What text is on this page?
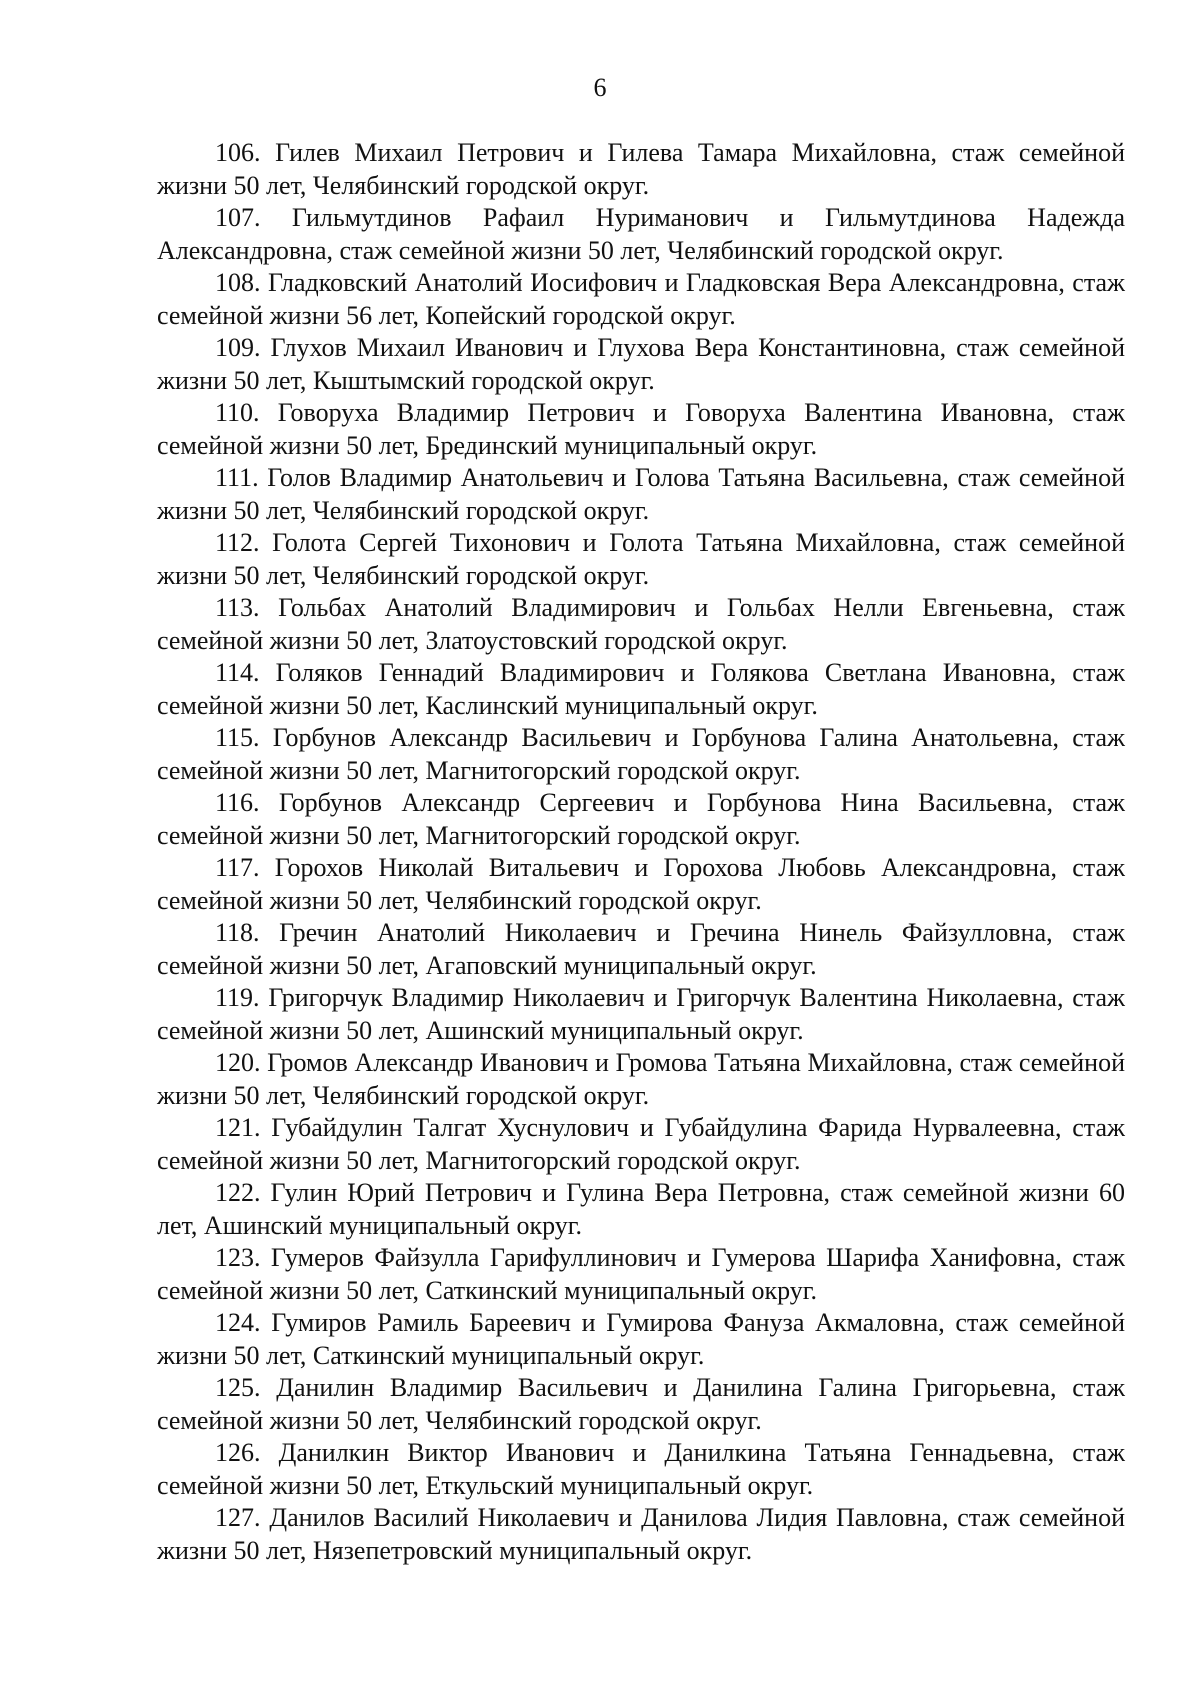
6

106. Гилев Михаил Петрович и Гилева Тамара Михайловна, стаж семейной жизни 50 лет, Челябинский городской округ.

107. Гильмутдинов Рафаил Нуриманович и Гильмутдинова Надежда Александровна, стаж семейной жизни 50 лет, Челябинский городской округ.

108. Гладковский Анатолий Иосифович и Гладковская Вера Александровна, стаж семейной жизни 56 лет, Копейский городской округ.

109. Глухов Михаил Иванович и Глухова Вера Константиновна, стаж семейной жизни 50 лет, Кыштымский городской округ.

110. Говоруха Владимир Петрович и Говоруха Валентина Ивановна, стаж семейной жизни 50 лет, Брединский муниципальный округ.

111. Голов Владимир Анатольевич и Голова Татьяна Васильевна, стаж семейной жизни 50 лет, Челябинский городской округ.

112. Голота Сергей Тихонович и Голота Татьяна Михайловна, стаж семейной жизни 50 лет, Челябинский городской округ.

113. Гольбах Анатолий Владимирович и Гольбах Нелли Евгеньевна, стаж семейной жизни 50 лет, Златоустовский городской округ.

114. Голяков Геннадий Владимирович и Голякова Светлана Ивановна, стаж семейной жизни 50 лет, Каслинский муниципальный округ.

115. Горбунов Александр Васильевич и Горбунова Галина Анатольевна, стаж семейной жизни 50 лет, Магнитогорский городской округ.

116. Горбунов Александр Сергеевич и Горбунова Нина Васильевна, стаж семейной жизни 50 лет, Магнитогорский городской округ.

117. Горохов Николай Витальевич и Горохова Любовь Александровна, стаж семейной жизни 50 лет, Челябинский городской округ.

118. Гречин Анатолий Николаевич и Гречина Нинель Файзулловна, стаж семейной жизни 50 лет, Агаповский муниципальный округ.

119. Григорчук Владимир Николаевич и Григорчук Валентина Николаевна, стаж семейной жизни 50 лет, Ашинский муниципальный округ.

120. Громов Александр Иванович и Громова Татьяна Михайловна, стаж семейной жизни 50 лет, Челябинский городской округ.

121. Губайдулин Талгат Хуснулович и Губайдулина Фарида Нурвалеевна, стаж семейной жизни 50 лет, Магнитогорский городской округ.

122. Гулин Юрий Петрович и Гулина Вера Петровна, стаж семейной жизни 60 лет, Ашинский муниципальный округ.

123. Гумеров Файзулла Гарифуллинович и Гумерова Шарифа Ханифовна, стаж семейной жизни 50 лет, Саткинский муниципальный округ.

124. Гумиров Рамиль Бареевич и Гумирова Фануза Акмаловна, стаж семейной жизни 50 лет, Саткинский муниципальный округ.

125. Данилин Владимир Васильевич и Данилина Галина Григорьевна, стаж семейной жизни 50 лет, Челябинский городской округ.

126. Данилкин Виктор Иванович и Данилкина Татьяна Геннадьевна, стаж семейной жизни 50 лет, Еткульский муниципальный округ.

127. Данилов Василий Николаевич и Данилова Лидия Павловна, стаж семейной жизни 50 лет, Нязепетровский муниципальный округ.
